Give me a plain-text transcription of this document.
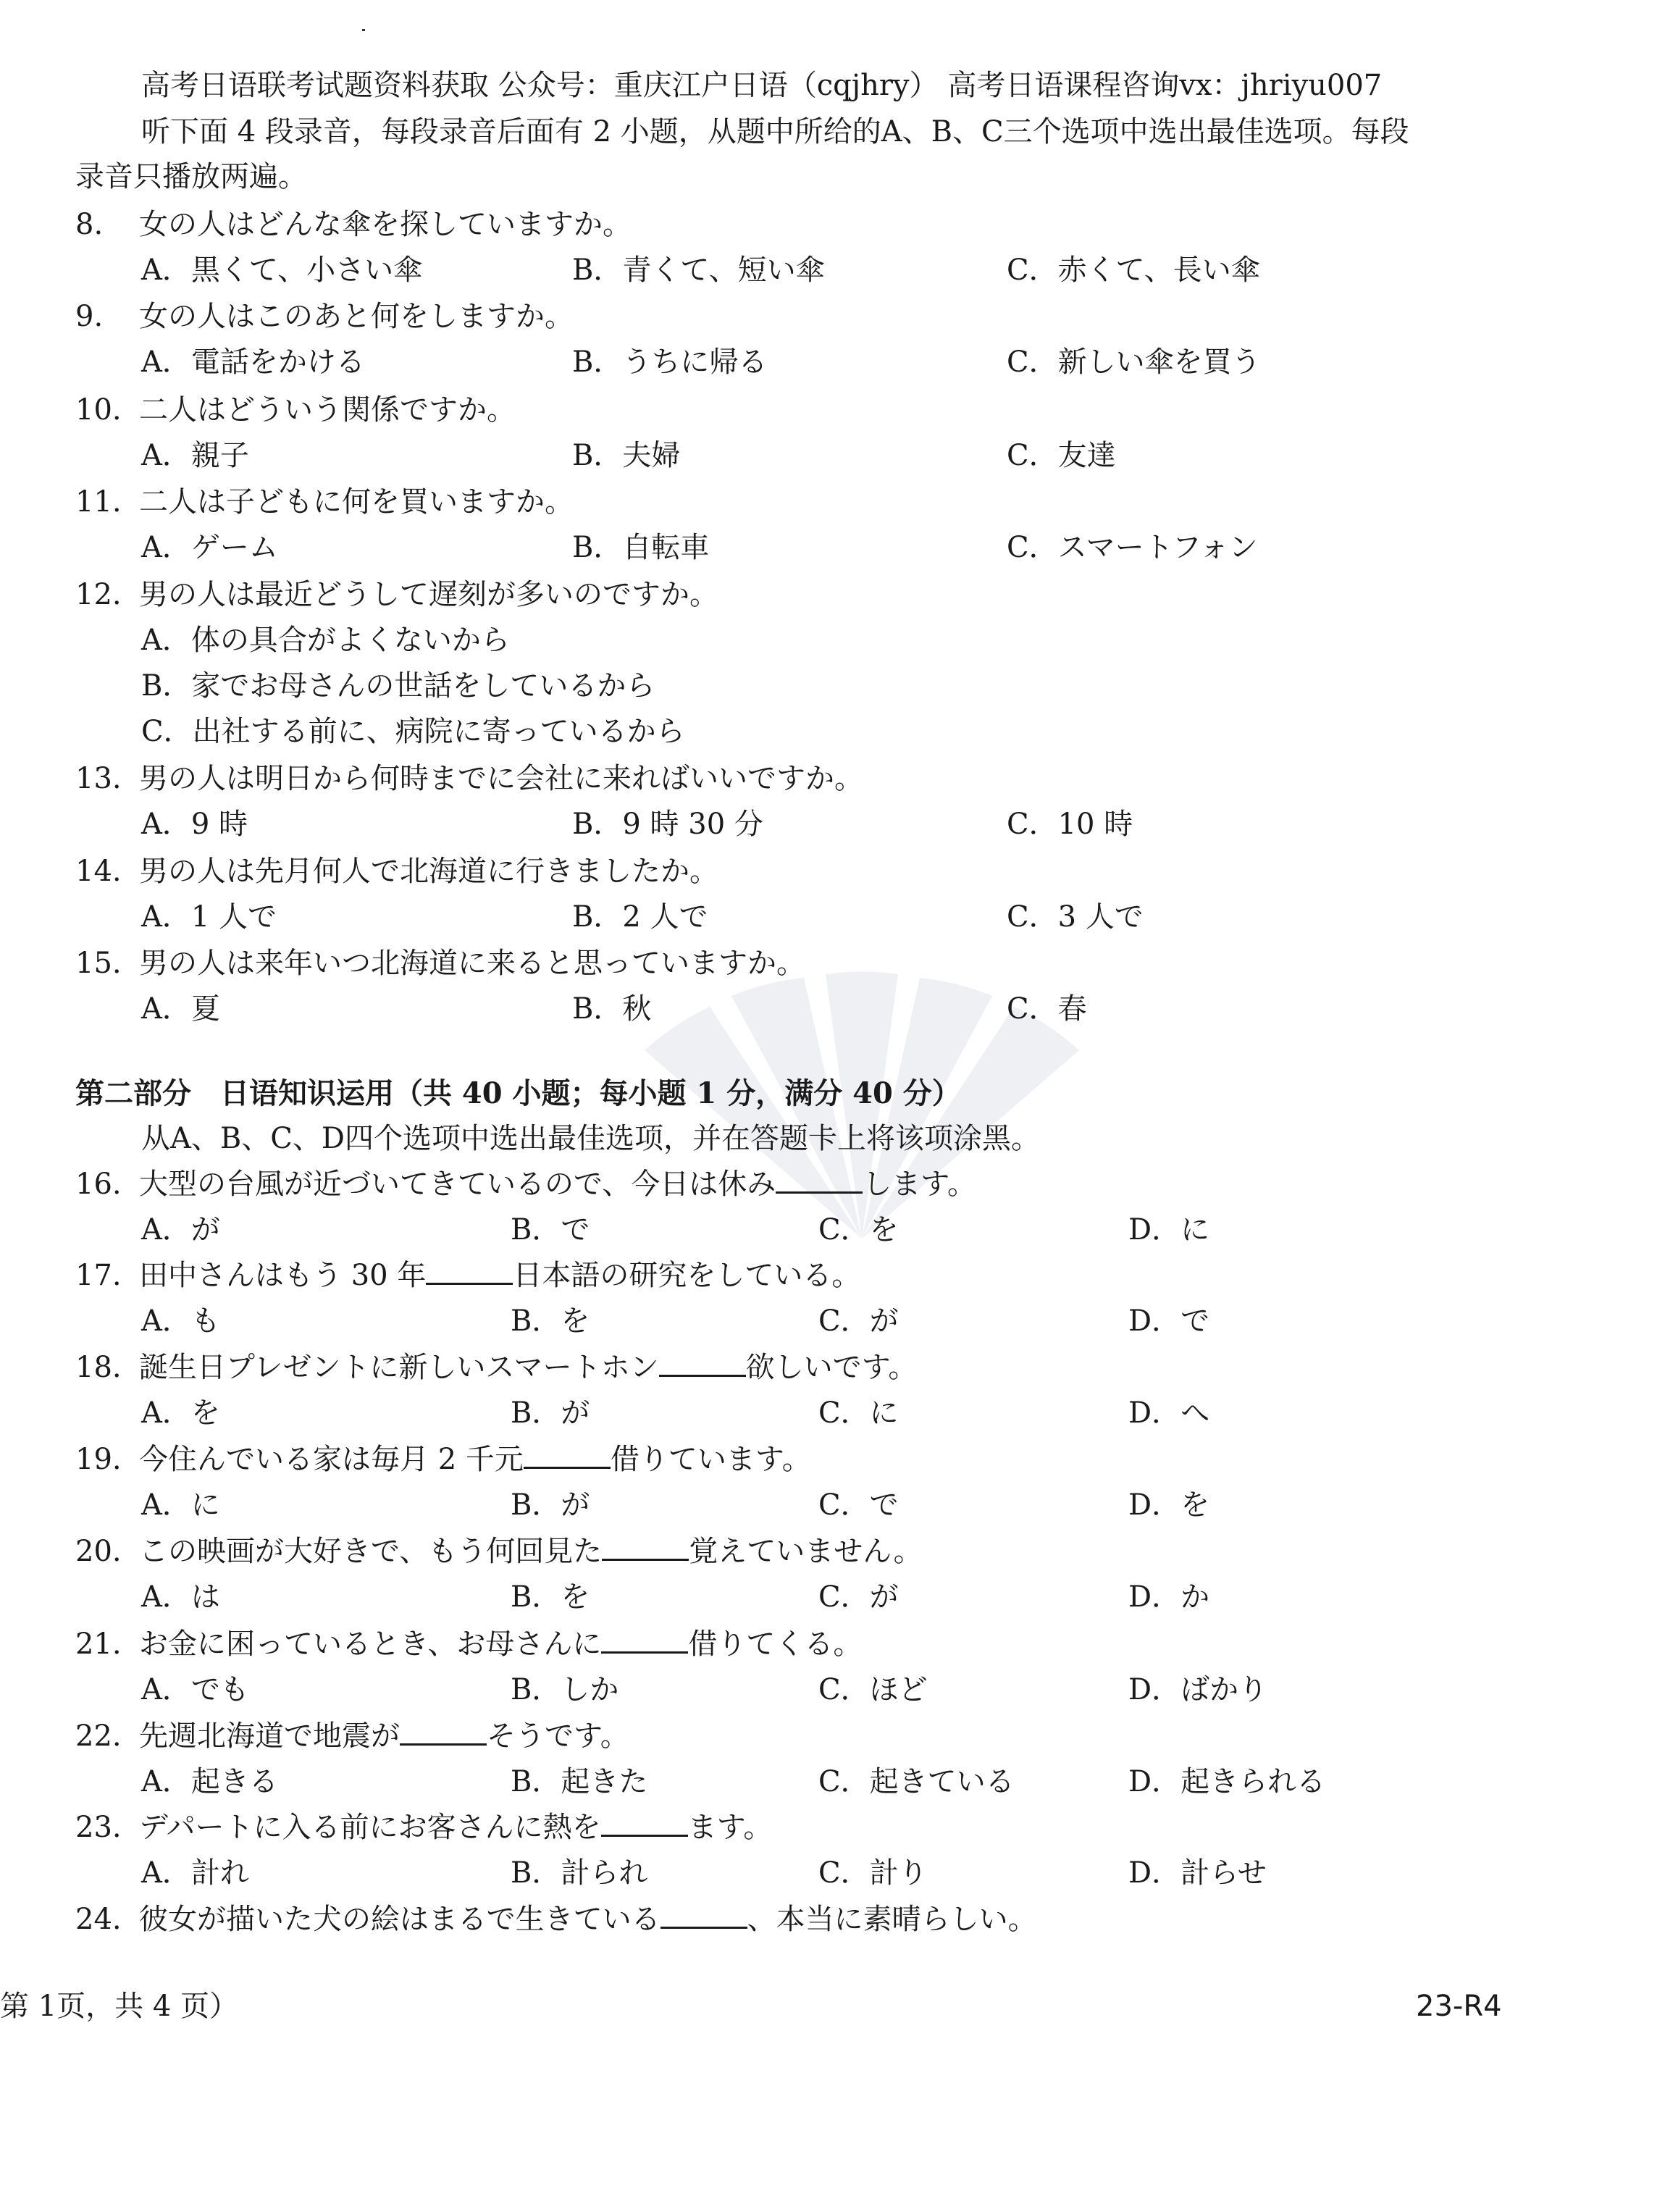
高考日语联考试题资料获取 公众号：重庆江户日语（cqjhry） 高考日语课程咨询vx：jhriyu007
听下面 4 段录音，每段录音后面有 2 小题，从题中所给的A、B、C三个选项中选出最佳选项。每段
录音只播放两遍。
8. 女の人はどんな傘を探していますか。
A．黒くて、小さい傘	B．青くて、短い傘	C．赤くて、長い傘
9. 女の人はこのあと何をしますか。
A．電話をかける	B．うちに帰る	C．新しい傘を買う
10. 二人はどういう関係ですか。
A．親子	B．夫婦	C．友達
11. 二人は子どもに何を買いますか。
A．ゲーム	B．自転車	C．スマートフォン
12. 男の人は最近どうして遅刻が多いのですか。
A．体の具合がよくないから
B．家でお母さんの世話をしているから
C．出社する前に、病院に寄っているから
13. 男の人は明日から何時までに会社に来ればいいですか。
A．9 時	B．9 時 30 分	C．10 時
14. 男の人は先月何人で北海道に行きましたか。
A．1 人で	B．2 人で	C．3 人で
15. 男の人は来年いつ北海道に来ると思っていますか。
A．夏	B．秋	C．春
第二部分　日语知识运用（共 40 小题；每小题 1 分，满分 40 分）
从A、B、C、D四个选项中选出最佳选项，并在答题卡上将该项涂黑。
16. 大型の台風が近づいてきているので、今日は休み	します。
A．が	B．で	C．を	D．に
17. 田中さんはもう 30 年	日本語の研究をしている。
A．も	B．を	C．が	D．で
18. 誕生日プレゼントに新しいスマートホン	欲しいです。
A．を	B．が	C．に	D．へ
19. 今住んでいる家は毎月 2 千元	借りています。
A．に	B．が	C．で	D．を
20. この映画が大好きで、もう何回見た	覚えていません。
A．は	B．を	C．が	D．か
21. お金に困っているとき、お母さんに	借りてくる。
A．でも	B．しか	C．ほど	D．ばかり
22. 先週北海道で地震が	そうです。
A．起きる	B．起きた	C．起きている	D．起きられる
23. デパートに入る前にお客さんに熱を	ます。
A．計れ	B．計られ	C．計り	D．計らせ
24. 彼女が描いた犬の絵はまるで生きている	、本当に素晴らしい。
第 1页，共 4 页）	23-R4
